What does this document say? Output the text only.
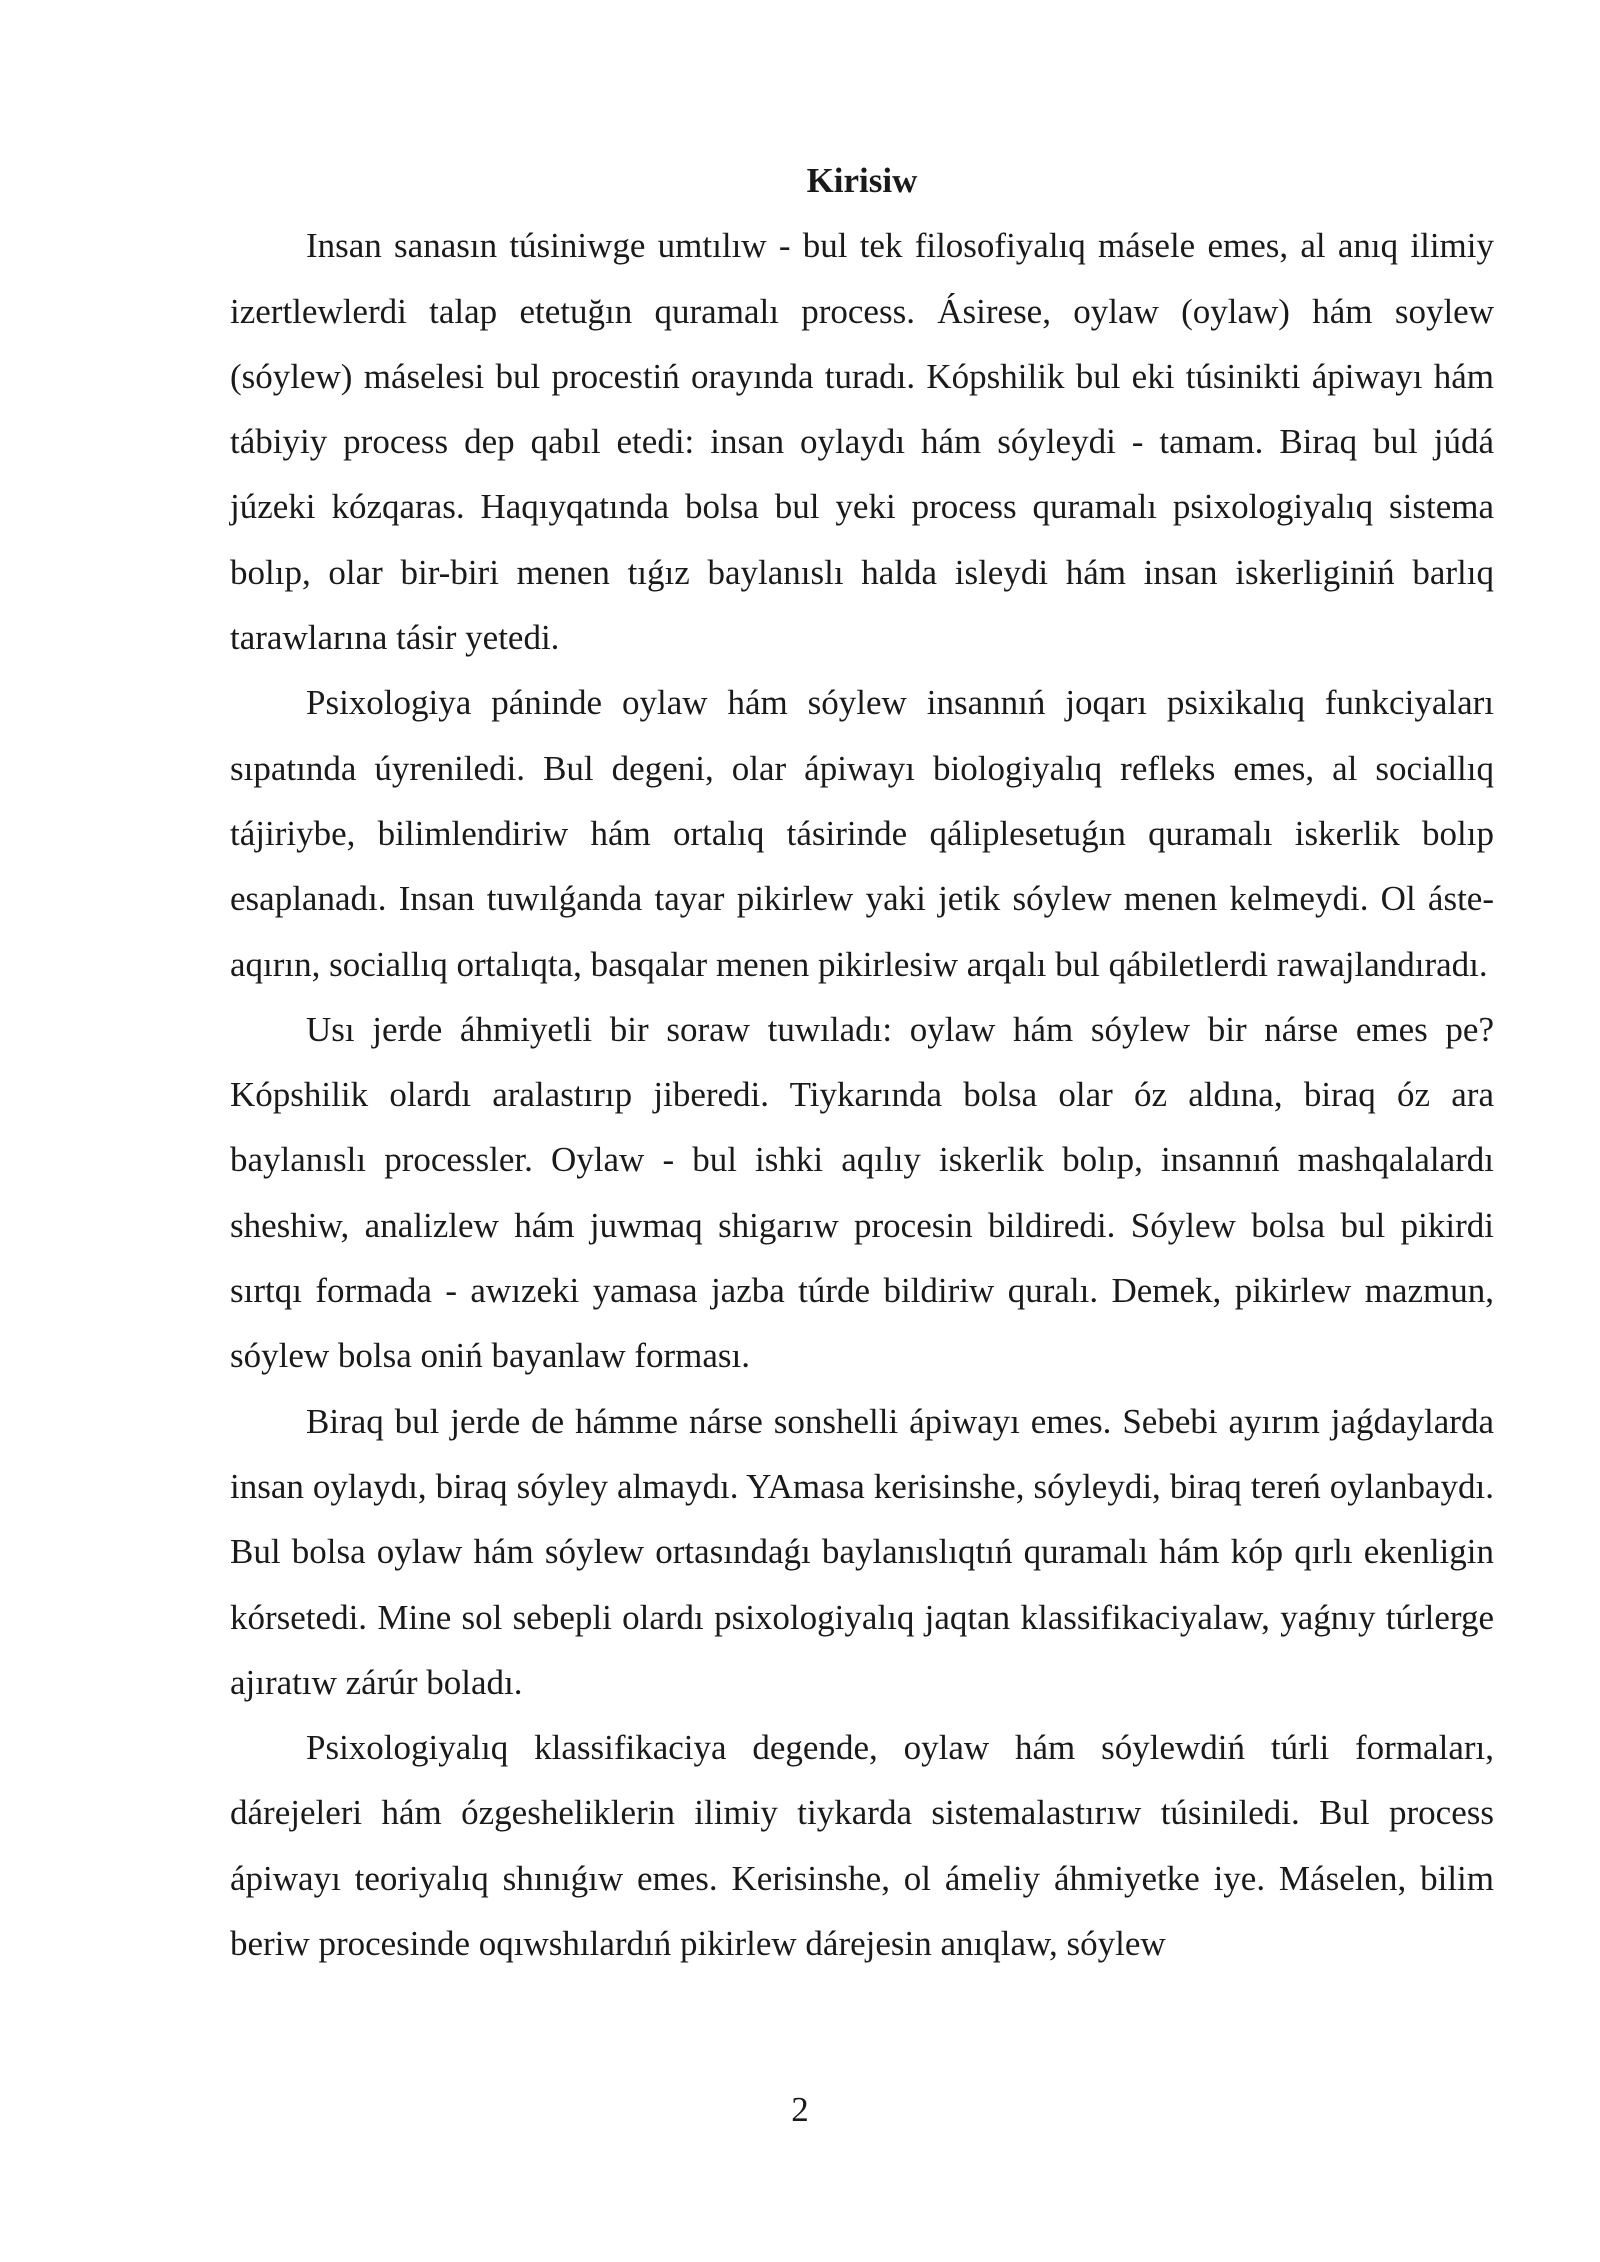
Kirisiw

Insan sanasın túsiniwge umtılıw - bul tek filosofiyalıq másele emes, al anıq ilimiy izertlewlerdi talap etetuğın quramalı process. Ásirese, oylaw (oylaw) hám soylew (sóylew) máselesi bul procestiń orayında turadı. Kópshilik bul eki túsinikti ápiwayı hám tábiyiy process dep qabıl etedi: insan oylaydı hám sóyleydi - tamam. Biraq bul júdá júzeki kózqaras. Haqıyqatında bolsa bul yeki process quramalı psixologiyalıq sistema bolıp, olar bir-biri menen tıǵız baylanıslı halda isleydi hám insan iskerliginiń barlıq tarawlarına tásir yetedi.

Psixologiya páninde oylaw hám sóylew insannıń joqarı psixikalıq funkciyaları sıpatında úyreniledi. Bul degeni, olar ápiwayı biologiyalıq refleks emes, al sociallıq tájiriybe, bilimlendiriw hám ortalıq tásirinde qáliplesetuǵın quramalı iskerlik bolıp esaplanadı. Insan tuwılǵanda tayar pikirlew yaki jetik sóylew menen kelmeydi. Ol áste-aqırın, sociallıq ortalıqta, basqalar menen pikirlesiw arqalı bul qábiletlerdi rawajlandıradı.

Usı jerde áhmiyetli bir soraw tuwıladı: oylaw hám sóylew bir nárse emes pe? Kópshilik olardı aralastırıp jiberedi. Tiykarında bolsa olar óz aldına, biraq óz ara baylanıslı processler. Oylaw - bul ishki aqılıy iskerlik bolıp, insannıń mashqalalardı sheshiw, analizlew hám juwmaq shigarıw procesin bildiredi. Sóylew bolsa bul pikirdi sırtqı formada - awızeki yamasa jazba túrde bildiriw quralı. Demek, pikirlew mazmun, sóylew bolsa oniń bayanlaw forması.

Biraq bul jerde de hámme nárse sonshelli ápiwayı emes. Sebebi ayırım jaǵdaylarda insan oylaydı, biraq sóyley almaydı. YAmasa kerisinshe, sóyleydi, biraq tereń oylanbaydı. Bul bolsa oylaw hám sóylew ortasındaǵı baylanıslıqtıń quramalı hám kóp qırlı ekenligin kórsetedi. Mine sol sebepli olardı psixologiyalıq jaqtan klassifikaciyalaw, yaǵnıy túrlerge ajıratıw zárúr boladı.

Psixologiyalıq klassifikaciya degende, oylaw hám sóylewdiń túrli formaları, dárejeleri hám ózgesheliklerin ilimiy tiykarda sistemalastırıw túsiniledi. Bul process ápiwayı teoriyalıq shınıǵıw emes. Kerisinshe, ol ámeliy áhmiyetke iye. Máselen, bilim beriw procesinde oqıwshılardıń pikirlew dárejesin anıqlaw, sóylew

2
